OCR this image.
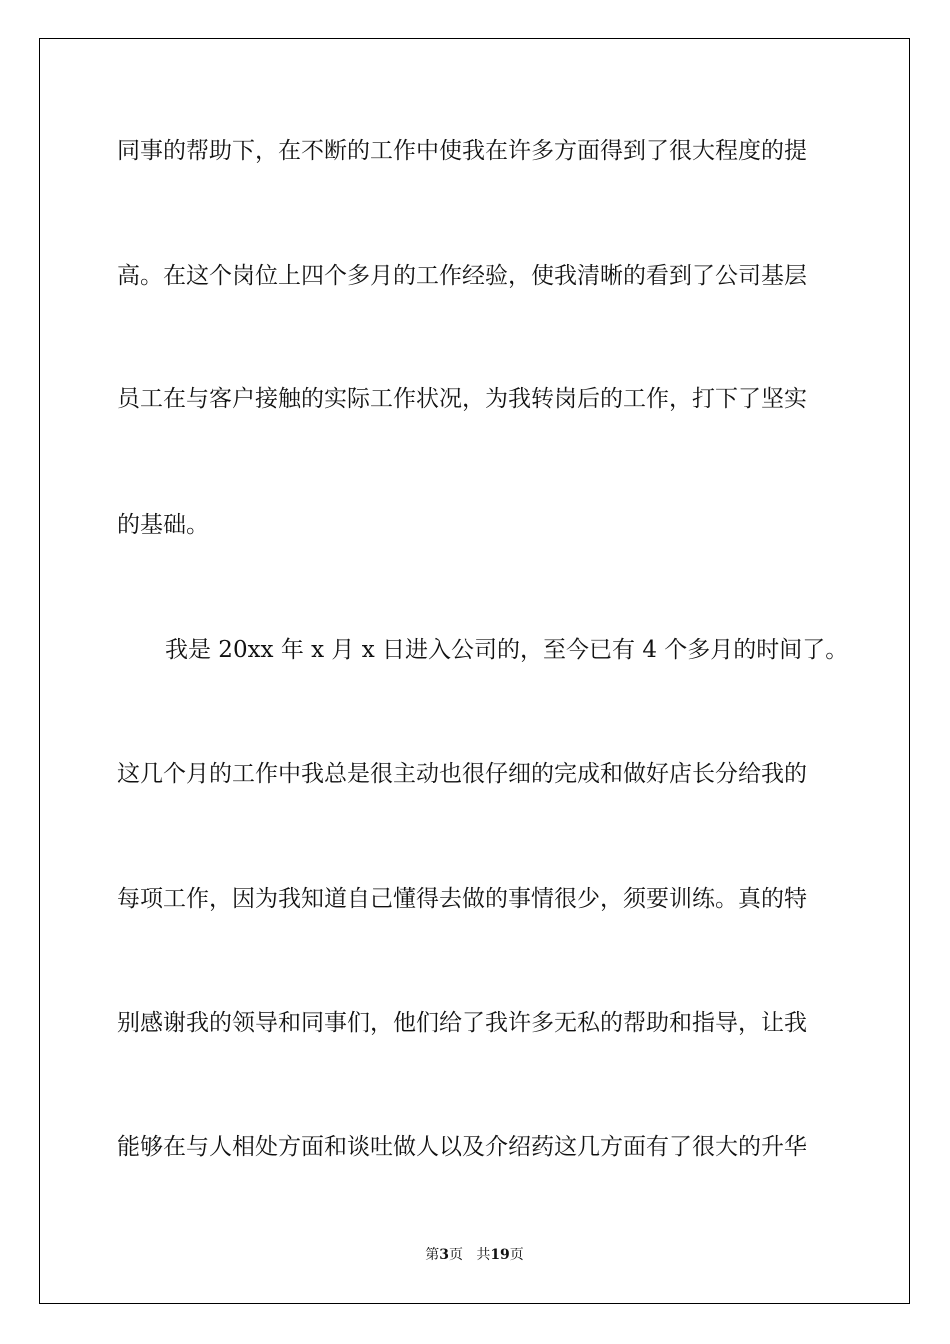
同事的帮助下，在不断的工作中使我在许多方面得到了很大程度的提
高。在这个岗位上四个多月的工作经验，使我清晰的看到了公司基层
员工在与客户接触的实际工作状况，为我转岗后的工作，打下了坚实
的基础。
我是 20xx 年 x 月 x 日进入公司的，至今已有 4 个多月的时间了。
这几个月的工作中我总是很主动也很仔细的完成和做好店长分给我的
每项工作，因为我知道自己懂得去做的事情很少，须要训练。真的特
别感谢我的领导和同事们，他们给了我许多无私的帮助和指导，让我
能够在与人相处方面和谈吐做人以及介绍药这几方面有了很大的升华
第3页 共19页
